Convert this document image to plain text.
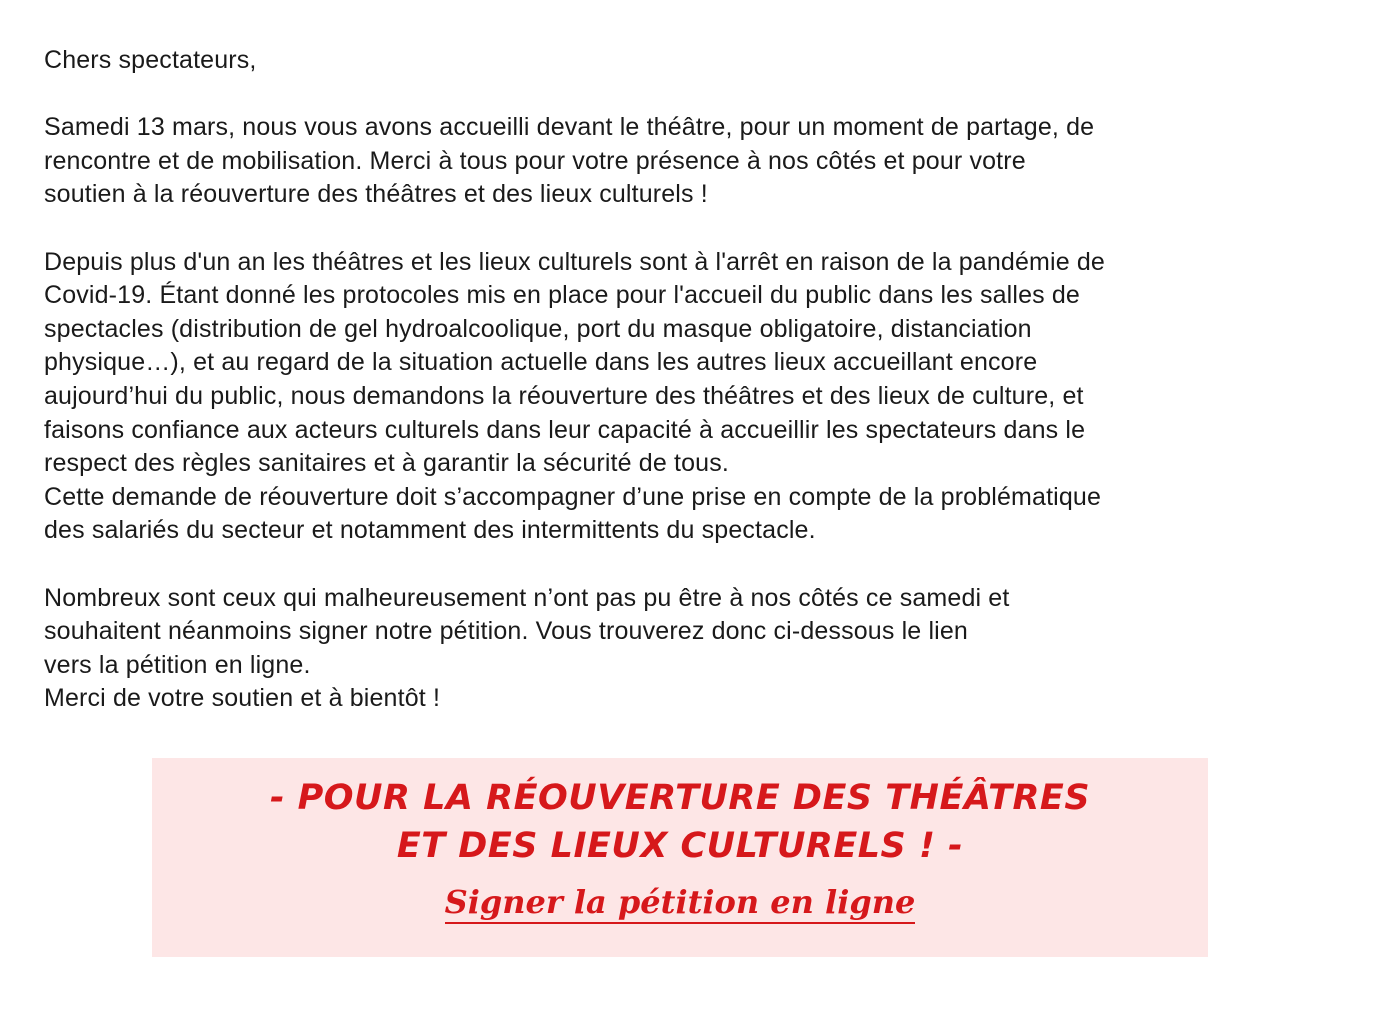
Chers spectateurs,

Samedi 13 mars, nous vous avons accueilli devant le théâtre, pour un moment de partage, de
rencontre et de mobilisation. Merci à tous pour votre présence à nos côtés et pour votre
soutien à la réouverture des théâtres et des lieux culturels !

Depuis plus d'un an les théâtres et les lieux culturels sont à l'arrêt en raison de la pandémie de
Covid-19. Étant donné les protocoles mis en place pour l'accueil du public dans les salles de
spectacles (distribution de gel hydroalcoolique, port du masque obligatoire, distanciation
physique…), et au regard de la situation actuelle dans les autres lieux accueillant encore
aujourd’hui du public, nous demandons la réouverture des théâtres et des lieux de culture, et
faisons confiance aux acteurs culturels dans leur capacité à accueillir les spectateurs dans le
respect des règles sanitaires et à garantir la sécurité de tous.
Cette demande de réouverture doit s’accompagner d’une prise en compte de la problématique
des salariés du secteur et notamment des intermittents du spectacle.

Nombreux sont ceux qui malheureusement n’ont pas pu être à nos côtés ce samedi et
souhaitent néanmoins signer notre pétition. Vous trouverez donc ci-dessous le lien
vers la pétition en ligne.
Merci de votre soutien et à bientôt !

- POUR LA RÉOUVERTURE DES THÉÂTRES
ET DES LIEUX CULTURELS ! -
Signer la pétition en ligne
